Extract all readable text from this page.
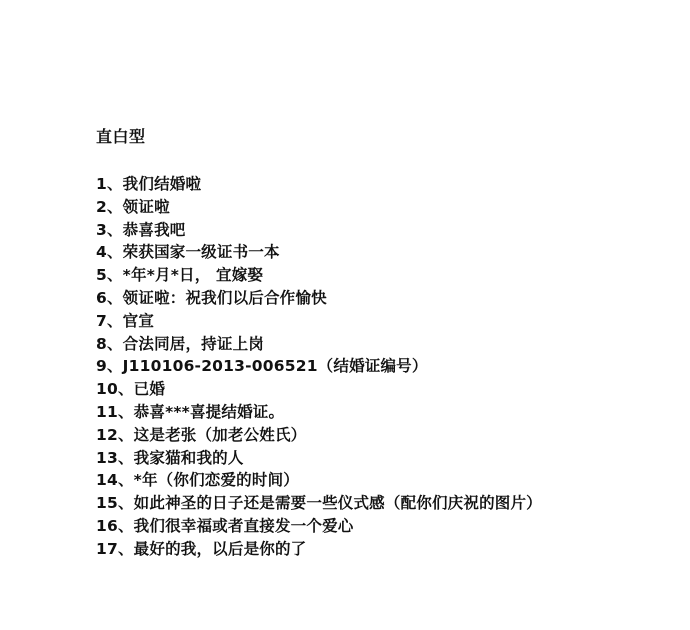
直白型
1、我们结婚啦
2、领证啦
3、恭喜我吧
4、荣获国家一级证书一本
5、*年*月*日， 宜嫁娶
6、领证啦：祝我们以后合作愉快
7、官宣
8、合法同居，持证上岗
9、J110106-2013-006521（结婚证编号）
10、已婚
11、恭喜***喜提结婚证。
12、这是老张（加老公姓氏）
13、我家猫和我的人
14、*年（你们恋爱的时间）
15、如此神圣的日子还是需要一些仪式感（配你们庆祝的图片）
16、我们很幸福或者直接发一个爱心
17、最好的我，以后是你的了
